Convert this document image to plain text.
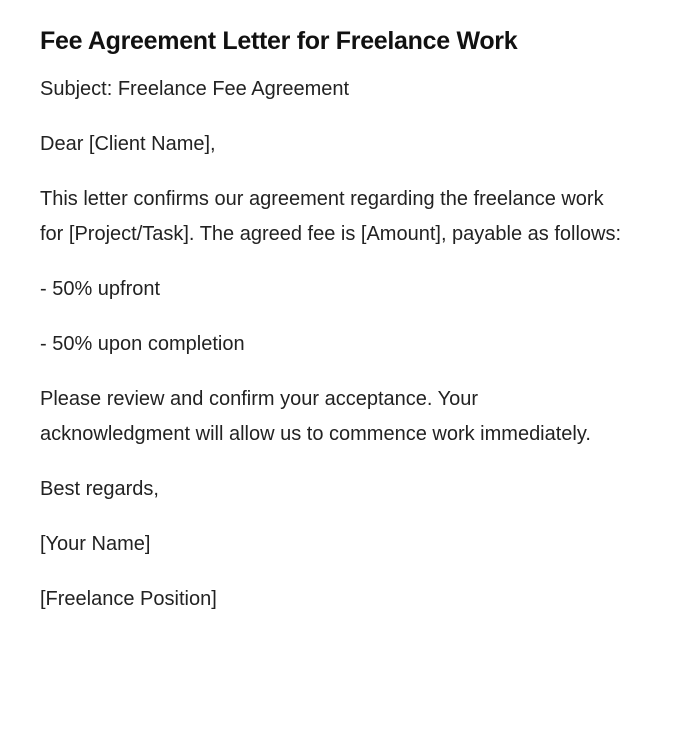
Fee Agreement Letter for Freelance Work

Subject: Freelance Fee Agreement

Dear [Client Name],

This letter confirms our agreement regarding the freelance work for [Project/Task]. The agreed fee is [Amount], payable as follows:

- 50% upfront

- 50% upon completion

Please review and confirm your acceptance. Your acknowledgment will allow us to commence work immediately.

Best regards,

[Your Name]

[Freelance Position]
